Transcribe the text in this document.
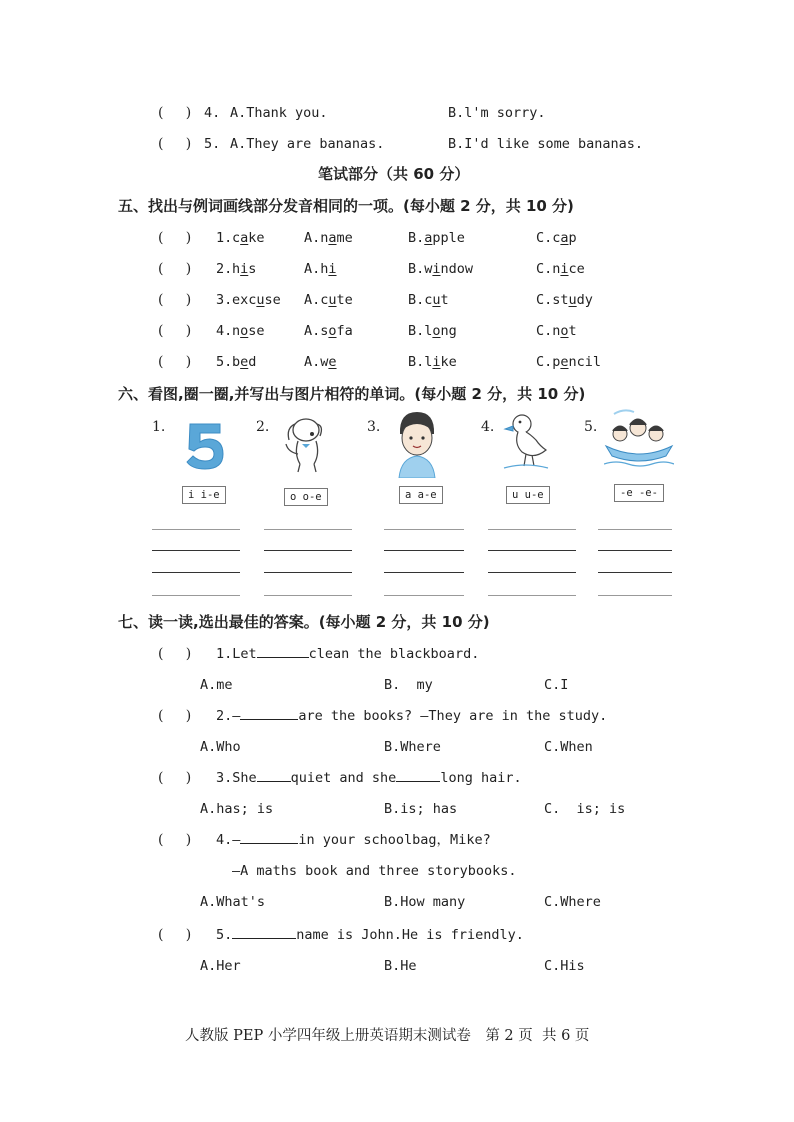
(     ) 4. A.Thank you.	B.l'm sorry.
(     ) 5. A.They are bananas.	B.I'd like some bananas.
笔试部分（共 60 分）
五、找出与例词画线部分发音相同的一项。(每小题 2 分，共 10 分)
(     ) 1. cake	A.name	B.apple	C.cap
(     ) 2. his	A.hi	B.window	C.nice
(     ) 3. excuse A.cute	B.cut	C.study
(     ) 4. nose	A.sofa	B.long	C.not
(     ) 5. bed	A.we	B.like	C.pencil
六、看图,圈一圈,并写出与图片相符的单词。(每小题 2 分，共 10 分)
1.	2.	3.	4.	5.
i i-e	o o-e	a a-e	u u-e	-e -e-
七、读一读,选出最佳的答案。(每小题 2 分，共 10 分)
(     ) 1.Let	clean the blackboard.
A.me	B.  my	C.I
(     ) 2.—	are the books? —They are in the study.
A.Who	B.Where	C.When
(     ) 3.She	quiet and she	long hair.
A.has; is	B.is; has	C.  is; is
(     ) 4.—	in your schoolbag，Mike?
—A maths book and three storybooks.
A.What's	B.How many	C.Where
(     ) 5.	name is John.He is friendly.
A.Her	B.He	C.His
人教版 PEP 小学四年级上册英语期末测试卷　第 2 页  共 6 页
